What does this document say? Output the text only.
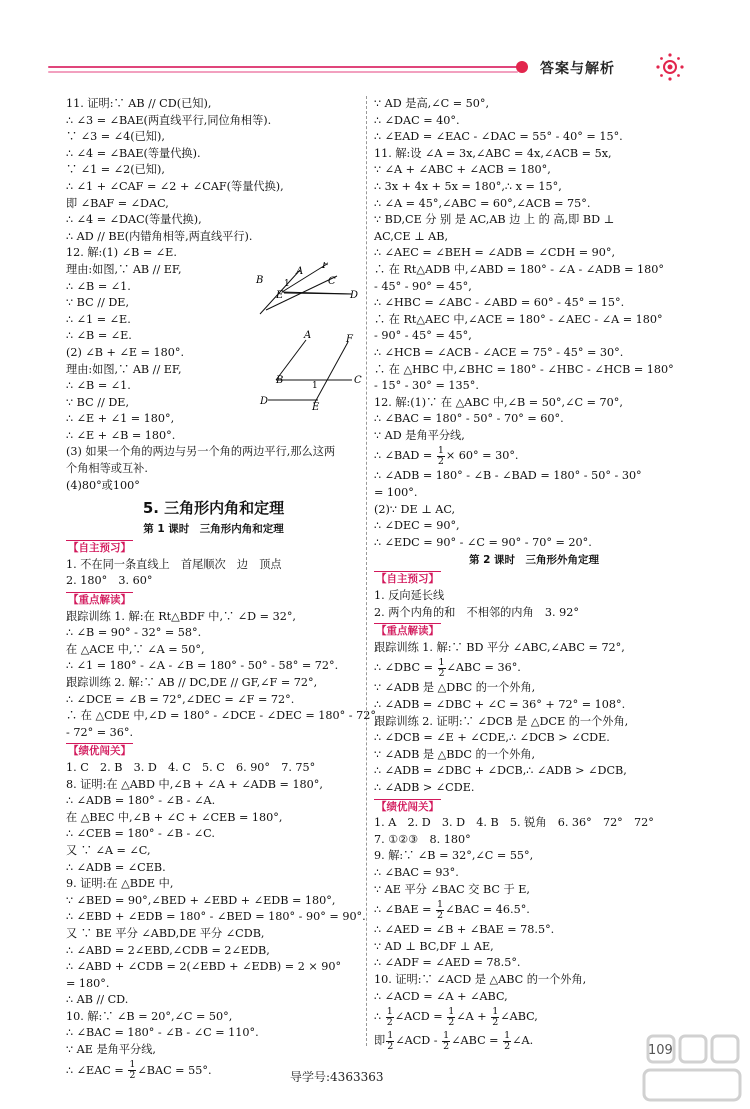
答案与解析
11. 证明:∵ AB // CD(已知),
∴ ∠3 = ∠BAE(两直线平行,同位角相等).
∵ ∠3 = ∠4(已知),
∴ ∠4 = ∠BAE(等量代换).
∵ ∠1 = ∠2(已知),
∴ ∠1 + ∠CAF = ∠2 + ∠CAF(等量代换),
即 ∠BAF = ∠DAC,
∴ ∠4 = ∠DAC(等量代换),
∴ AD // BE(内错角相等,两直线平行).
12. 解:(1) ∠B = ∠E.
理由:如图,∵ AB // EF,
∴ ∠B = ∠1.
∵ BC // DE,
∴ ∠1 = ∠E.
∴ ∠B = ∠E.
(2) ∠B + ∠E = 180°.
理由:如图,∵ AB // EF,
∴ ∠B = ∠1.
∵ BC // DE,
∴ ∠E + ∠1 = 180°,
∴ ∠E + ∠B = 180°.
(3) 如果一个角的两边与另一个角的两边平行,那么这两
个角相等或互补.
(4)80°或100°
5. 三角形内角和定理
第 1 课时　三角形内角和定理
【 自主预习 】
1. 不在同一条直线上　首尾顺次　边　顶点
2. 180°　3. 60°
【 重点解读 】
跟踪训练 1. 解:在 Rt△BDF 中,∵ ∠D = 32°,
∴ ∠B = 90° - 32° = 58°.
在 △ACE 中,∵ ∠A = 50°,
∴ ∠1 = 180° - ∠A - ∠B = 180° - 50° - 58° = 72°.
跟踪训练 2. 解:∵ AB // DC,DE // GF,∠F = 72°,
∴ ∠DCE = ∠B = 72°,∠DEC = ∠F = 72°.
∴ 在 △CDE 中,∠D = 180° - ∠DCE - ∠DEC = 180° - 72°
- 72° = 36°.
【 绩优闯关 】
1. C　2. B　3. D　4. C　5. C　6. 90°　7. 75°
8. 证明:在 △ABD 中,∠B + ∠A + ∠ADB = 180°,
∴ ∠ADB = 180° - ∠B - ∠A.
在 △BEC 中,∠B + ∠C + ∠CEB = 180°,
∴ ∠CEB = 180° - ∠B - ∠C.
又 ∵ ∠A = ∠C,
∴ ∠ADB = ∠CEB.
9. 证明:在 △BDE 中,
∵ ∠BED = 90°,∠BED + ∠EBD + ∠EDB = 180°,
∴ ∠EBD + ∠EDB = 180° - ∠BED = 180° - 90° = 90°.
又 ∵ BE 平分 ∠ABD,DE 平分 ∠CDB,
∴ ∠ABD = 2∠EBD,∠CDB = 2∠EDB,
∴ ∠ABD + ∠CDB = 2(∠EBD + ∠EDB) = 2 × 90°
= 180°.
∴ AB // CD.
10. 解:∵ ∠B = 20°,∠C = 50°,
∴ ∠BAC = 180° - ∠B - ∠C = 110°.
∵ AE 是角平分线,
∴ ∠EAC = $\frac{1}{2}$ ∠BAC = 55°.
A
B	C
D
E
F
1
A
B	C
D
E
F
1
∵ AD 是高,∠C = 50°,
∴ ∠DAC = 40°.
∴ ∠EAD = ∠EAC - ∠DAC = 55° - 40° = 15°.
11. 解:设 ∠A = 3x,∠ABC = 4x,∠ACB = 5x,
∵ ∠A + ∠ABC + ∠ACB = 180°,
∴ 3x + 4x + 5x = 180°,∴ x = 15°,
∴ ∠A = 45°,∠ABC = 60°,∠ACB = 75°.
∵ BD,CE 分 别 是 AC,AB 边 上 的 高,即 BD ⊥
AC,CE ⊥ AB,
∴ ∠AEC = ∠BEH = ∠ADB = ∠CDH = 90°,
∴ 在 Rt△ADB 中,∠ABD = 180° - ∠A - ∠ADB = 180°
- 45° - 90° = 45°,
∴ ∠HBC = ∠ABC - ∠ABD = 60° - 45° = 15°.
∴ 在 Rt△AEC 中,∠ACE = 180° - ∠AEC - ∠A = 180°
- 90° - 45° = 45°,
∴ ∠HCB = ∠ACB - ∠ACE = 75° - 45° = 30°.
∴ 在 △HBC 中,∠BHC = 180° - ∠HBC - ∠HCB = 180°
- 15° - 30° = 135°.
12. 解:(1)∵ 在 △ABC 中,∠B = 50°,∠C = 70°,
∴ ∠BAC = 180° - 50° - 70° = 60°.
∵ AD 是角平分线,
∴ ∠BAD = $\frac{1}{2} \times 60^\circ = 30^\circ$.
∴ ∠ADB = 180° - ∠B - ∠BAD = 180° - 50° - 30°
= 100°.
(2)∵ DE ⊥ AC,
∴ ∠DEC = 90°,
∴ ∠EDC = 90° - ∠C = 90° - 70° = 20°.
第 2 课时　三角形外角定理
【 自主预习 】
1. 反向延长线
2. 两个内角的和　不相邻的内角　3. 92°
【 重点解读 】
跟踪训练 1. 解:∵ BD 平分 ∠ABC,∠ABC = 72°,
∴ ∠DBC = $\frac{1}{2}$ ∠ABC = 36°.
∵ ∠ADB 是 △DBC 的一个外角,
∴ ∠ADB = ∠DBC + ∠C = 36° + 72° = 108°.
跟踪训练 2. 证明:∵ ∠DCB 是 △DCE 的一个外角,
∴ ∠DCB = ∠E + ∠CDE,∴ ∠DCB > ∠CDE.
∵ ∠ADB 是 △BDC 的一个外角,
∴ ∠ADB = ∠DBC + ∠DCB,∴ ∠ADB > ∠DCB,
∴ ∠ADB > ∠CDE.
【 绩优闯关 】
1. A　2. D　3. D　4. B　5. 锐角　6. 36°　72°　72°
7. ①②③　8. 180°
9. 解:∵ ∠B = 32°,∠C = 55°,
∴ ∠BAC = 93°.
∵ AE 平分 ∠BAC 交 BC 于 E,
∴ ∠BAE = $\frac{1}{2}$ ∠BAC = 46.5°.
∴ ∠AED = ∠B + ∠BAE = 78.5°.
∵ AD ⊥ BC,DF ⊥ AE,
∴ ∠ADF = ∠AED = 78.5°.
10. 证明:∵ ∠ACD 是 △ABC 的一个外角,
∴ ∠ACD = ∠A + ∠ABC,
∴ $\frac{1}{2}$ ∠ACD = $\frac{1}{2}$ ∠A + $\frac{1}{2}$ ∠ABC,
即 $\frac{1}{2}$ ∠ACD - $\frac{1}{2}$ ∠ABC = $\frac{1}{2}$ ∠A.
导学号:4363363
109
